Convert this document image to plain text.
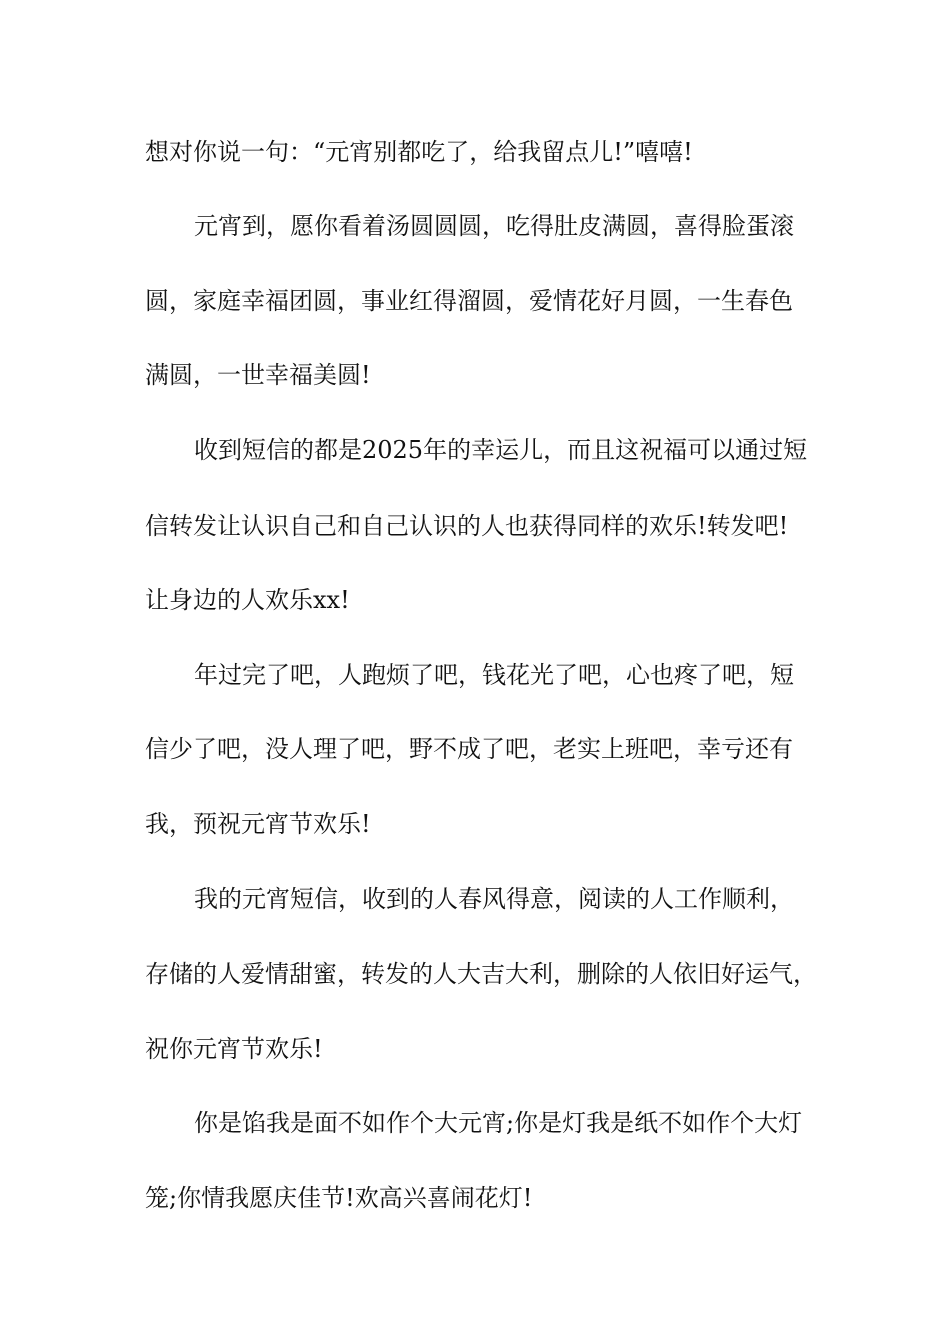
想对你说一句：“元宵别都吃了，给我留点儿!”嘻嘻!
元宵到，愿你看着汤圆圆圆，吃得肚皮满圆，喜得脸蛋滚
圆，家庭幸福团圆，事业红得溜圆，爱情花好月圆，一生春色
满圆，一世幸福美圆!
收到短信的都是2025年的幸运儿，而且这祝福可以通过短
信转发让认识自己和自己认识的人也获得同样的欢乐!转发吧!
让身边的人欢乐xx!
年过完了吧，人跑烦了吧，钱花光了吧，心也疼了吧，短
信少了吧，没人理了吧，野不成了吧，老实上班吧，幸亏还有
我，预祝元宵节欢乐!
我的元宵短信，收到的人春风得意，阅读的人工作顺利，
存储的人爱情甜蜜，转发的人大吉大利，删除的人依旧好运气，
祝你元宵节欢乐!
你是馅我是面不如作个大元宵;你是灯我是纸不如作个大灯
笼;你情我愿庆佳节!欢高兴喜闹花灯!
